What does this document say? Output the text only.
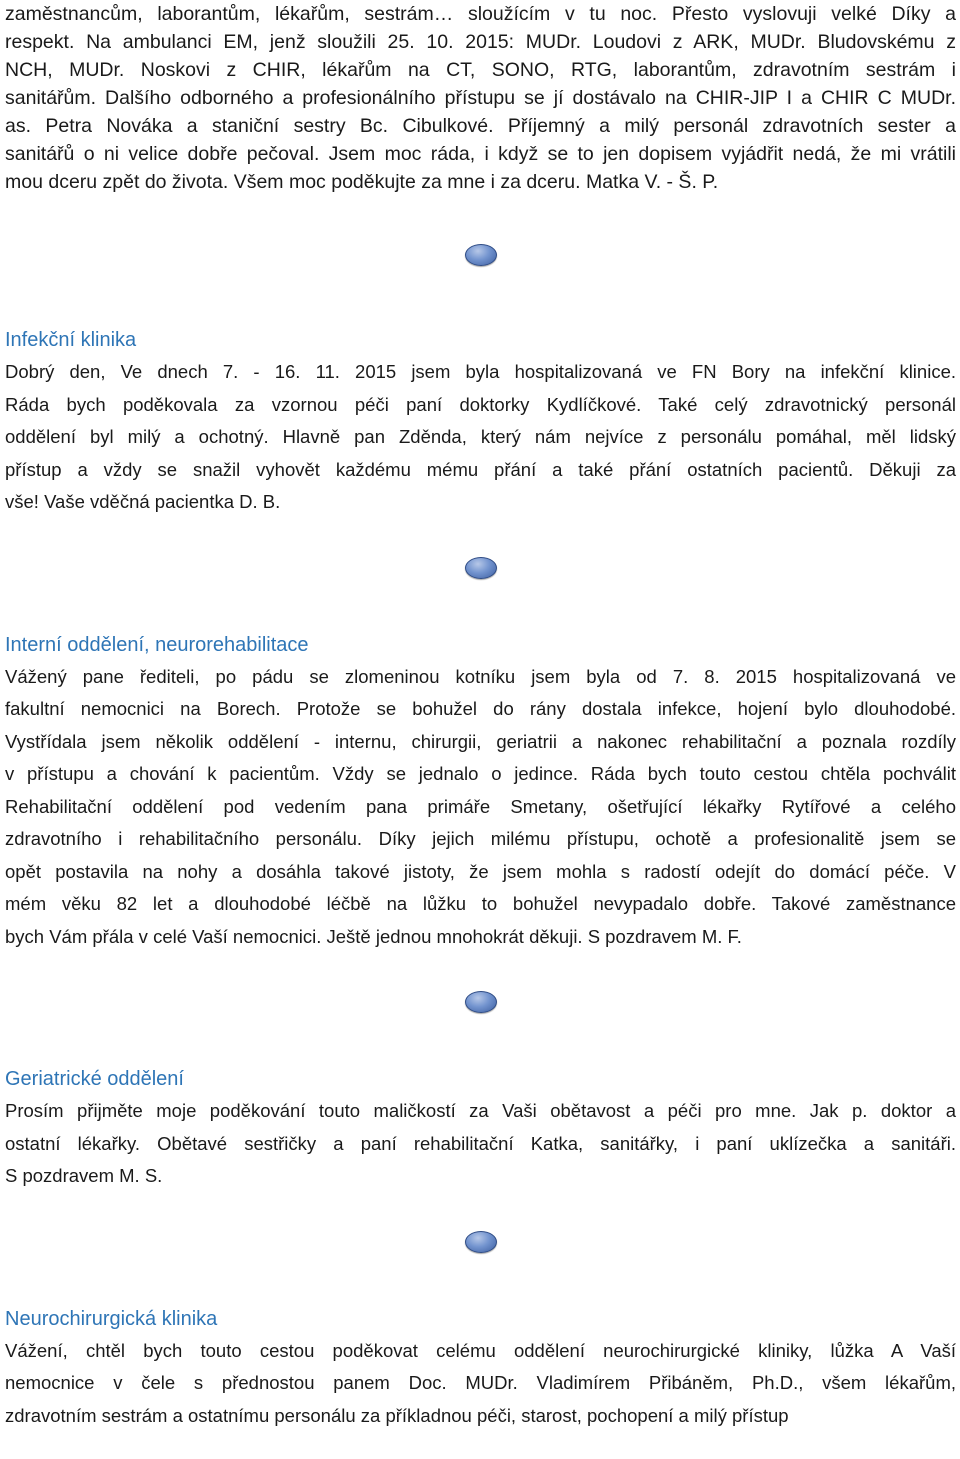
zaměstnancům, laborantům, lékařům, sestrám… sloužícím v tu noc. Přesto vyslovuji velké Díky a
respekt. Na ambulanci EM, jenž sloužili 25. 10. 2015: MUDr. Loudovi z ARK, MUDr. Bludovskému z
NCH, MUDr. Noskovi z CHIR, lékařům na CT, SONO, RTG, laborantům, zdravotním sestrám i
sanitářům. Dalšího odborného a profesionálního přístupu se jí dostávalo na CHIR-JIP I a CHIR C MUDr.
as. Petra Nováka a staniční sestry Bc. Cibulkové. Příjemný a milý personál zdravotních sester a
sanitářů o ni velice dobře pečoval. Jsem moc ráda, i když se to jen dopisem vyjádřit nedá, že mi vrátili
mou dceru zpět do života. Všem moc poděkujte za mne i za dceru. Matka V. - Š. P.

Infekční klinika

Dobrý den, Ve dnech 7. - 16. 11. 2015 jsem byla hospitalizovaná ve FN Bory na infekční klinice.
Ráda bych poděkovala za vzornou péči paní doktorky Kydlíčkové. Také celý zdravotnický personál
oddělení byl milý a ochotný. Hlavně pan Zděnda, který nám nejvíce z personálu pomáhal, měl lidský
přístup a vždy se snažil vyhovět každému mému přání a také přání ostatních pacientů. Děkuji za
vše! Vaše vděčná pacientka D. B.

Interní oddělení, neurorehabilitace

Vážený pane řediteli, po pádu se zlomeninou kotníku jsem byla od 7. 8. 2015 hospitalizovaná ve
fakultní nemocnici na Borech. Protože se bohužel do rány dostala infekce, hojení bylo dlouhodobé.
Vystřídala jsem několik oddělení - internu, chirurgii, geriatrii a nakonec rehabilitační a poznala rozdíly
v přístupu a chování k pacientům. Vždy se jednalo o jedince. Ráda bych touto cestou chtěla pochválit
Rehabilitační oddělení pod vedením pana primáře Smetany, ošetřující lékařky Rytířové a celého
zdravotního i rehabilitačního personálu. Díky jejich milému přístupu, ochotě a profesionalitě jsem se
opět postavila na nohy a dosáhla takové jistoty, že jsem mohla s radostí odejít do domácí péče. V
mém věku 82 let a dlouhodobé léčbě na lůžku to bohužel nevypadalo dobře. Takové zaměstnance
bych Vám přála v celé Vaší nemocnici. Ještě jednou mnohokrát děkuji. S pozdravem M. F.

Geriatrické oddělení

Prosím přijměte moje poděkování touto maličkostí za Vaši obětavost a péči pro mne. Jak p. doktor a
ostatní lékařky. Obětavé sestřičky a paní rehabilitační Katka, sanitářky, i paní uklízečka a sanitáři.
S pozdravem M. S.

Neurochirurgická klinika

Vážení, chtěl bych touto cestou poděkovat celému oddělení neurochirurgické kliniky, lůžka A Vaší
nemocnice v čele s přednostou panem Doc. MUDr. Vladimírem Přibáněm, Ph.D., všem lékařům,
zdravotním sestrám a ostatnímu personálu za příkladnou péči, starost, pochopení a milý přístup
